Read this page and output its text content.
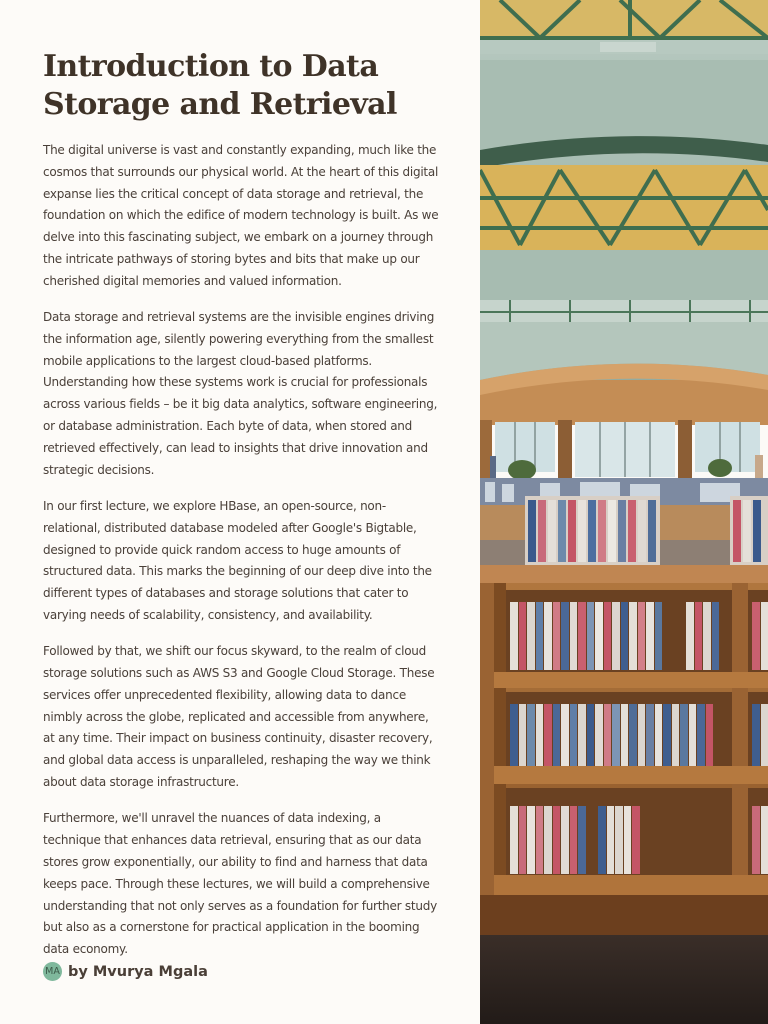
Introduction to Data Storage and Retrieval

The digital universe is vast and constantly expanding, much like the cosmos that surrounds our physical world. At the heart of this digital expanse lies the critical concept of data storage and retrieval, the foundation on which the edifice of modern technology is built. As we delve into this fascinating subject, we embark on a journey through the intricate pathways of storing bytes and bits that make up our cherished digital memories and valued information.

Data storage and retrieval systems are the invisible engines driving the information age, silently powering everything from the smallest mobile applications to the largest cloud-based platforms. Understanding how these systems work is crucial for professionals across various fields – be it big data analytics, software engineering, or database administration. Each byte of data, when stored and retrieved effectively, can lead to insights that drive innovation and strategic decisions.

In our first lecture, we explore HBase, an open-source, non-relational, distributed database modeled after Google's Bigtable, designed to provide quick random access to huge amounts of structured data. This marks the beginning of our deep dive into the different types of databases and storage solutions that cater to varying needs of scalability, consistency, and availability.

Followed by that, we shift our focus skyward, to the realm of cloud storage solutions such as AWS S3 and Google Cloud Storage. These services offer unprecedented flexibility, allowing data to dance nimbly across the globe, replicated and accessible from anywhere, at any time. Their impact on business continuity, disaster recovery, and global data access is unparalleled, reshaping the way we think about data storage infrastructure.

Furthermore, we'll unravel the nuances of data indexing, a technique that enhances data retrieval, ensuring that as our data stores grow exponentially, our ability to find and harness that data keeps pace. Through these lectures, we will build a comprehensive understanding that not only serves as a foundation for further study but also as a cornerstone for practical application in the booming data economy.

MA by Mvurya Mgala
